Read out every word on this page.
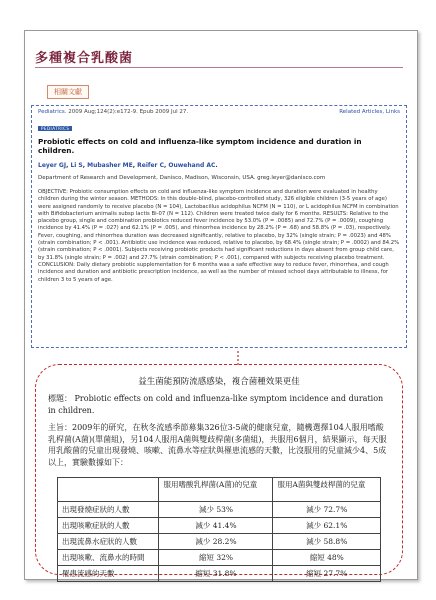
多種複合乳酸菌
相關文獻
Pediatrics. 2009 Aug;124(2):e172-9. Epub 2009 Jul 27.	Related Articles, Links
PEDIATRICS
Probiotic effects on cold and influenza-like symptom incidence and duration in children.
Leyer GJ, Li S, Mubasher ME, Reifer C, Ouwehand AC.
Department of Research and Development, Danisco, Madison, Wisconsin, USA. greg.leyer@danisco.com
OBJECTIVE: Probiotic consumption effects on cold and influenza-like symptom incidence and duration were evaluated in healthy children during the winter season. METHODS: In this double-blind, placebo-controlled study, 326 eligible children (3-5 years of age) were assigned randomly to receive placebo (N = 104), Lactobacillus acidophilus NCFM (N = 110), or L acidophilus NCFM in combination with Bifidobacterium animalis subsp lactis Bi-07 (N = 112). Children were treated twice daily for 6 months. RESULTS: Relative to the placebo group, single and combination probiotics reduced fever incidence by 53.0% (P = .0085) and 72.7% (P = .0009), coughing incidence by 41.4% (P = .027) and 62.1% (P = .005), and rhinorrhea incidence by 28.2% (P = .68) and 58.8% (P = .03), respectively. Fever, coughing, and rhinorrhea duration was decreased significantly, relative to placebo, by 32% (single strain; P = .0023) and 48% (strain combination; P < .001). Antibiotic use incidence was reduced, relative to placebo, by 68.4% (single strain; P = .0002) and 84.2% (strain combination; P < .0001). Subjects receiving probiotic products had significant reductions in days absent from group child care, by 31.8% (single strain; P = .002) and 27.7% (strain combination; P < .001), compared with subjects receiving placebo treatment. CONCLUSION: Daily dietary probiotic supplementation for 6 months was a safe effective way to reduce fever, rhinorrhea, and cough incidence and duration and antibiotic prescription incidence, as well as the number of missed school days attributable to illness, for children 3 to 5 years of age.
益生菌能預防流感感染，複合菌種效果更佳
標題： Probiotic effects on cold and influenza-like symptom incidence and duration in children.
主旨：2009年的研究，在秋冬流感季節募集326位3-5歲的健康兒童，隨機選擇104人服用嗜酸乳桿菌(A菌)(單菌組)，另104人服用A菌與雙歧桿菌(多菌組)，共服用6個月，結果顯示，每天服用乳酸菌的兒童出現發燒、咳嗽、流鼻水等症狀與罹患流感的天數，比沒服用的兒童減少4、5成以上，實驗數據如下：
	服用嗜酸乳桿菌(A菌)的兒童	服用A菌與雙歧桿菌的兒童
出現發燒症狀的人數	減少 53%	減少 72.7%
出現咳嗽症狀的人數	減少 41.4%	減少 62.1%
出現流鼻水症狀的人數	減少 28.2%	減少 58.8%
出現咳嗽、流鼻水的時間	縮短 32%	縮短 48%
罹患流感的天數	縮短 31.8%	縮短 27.7%
